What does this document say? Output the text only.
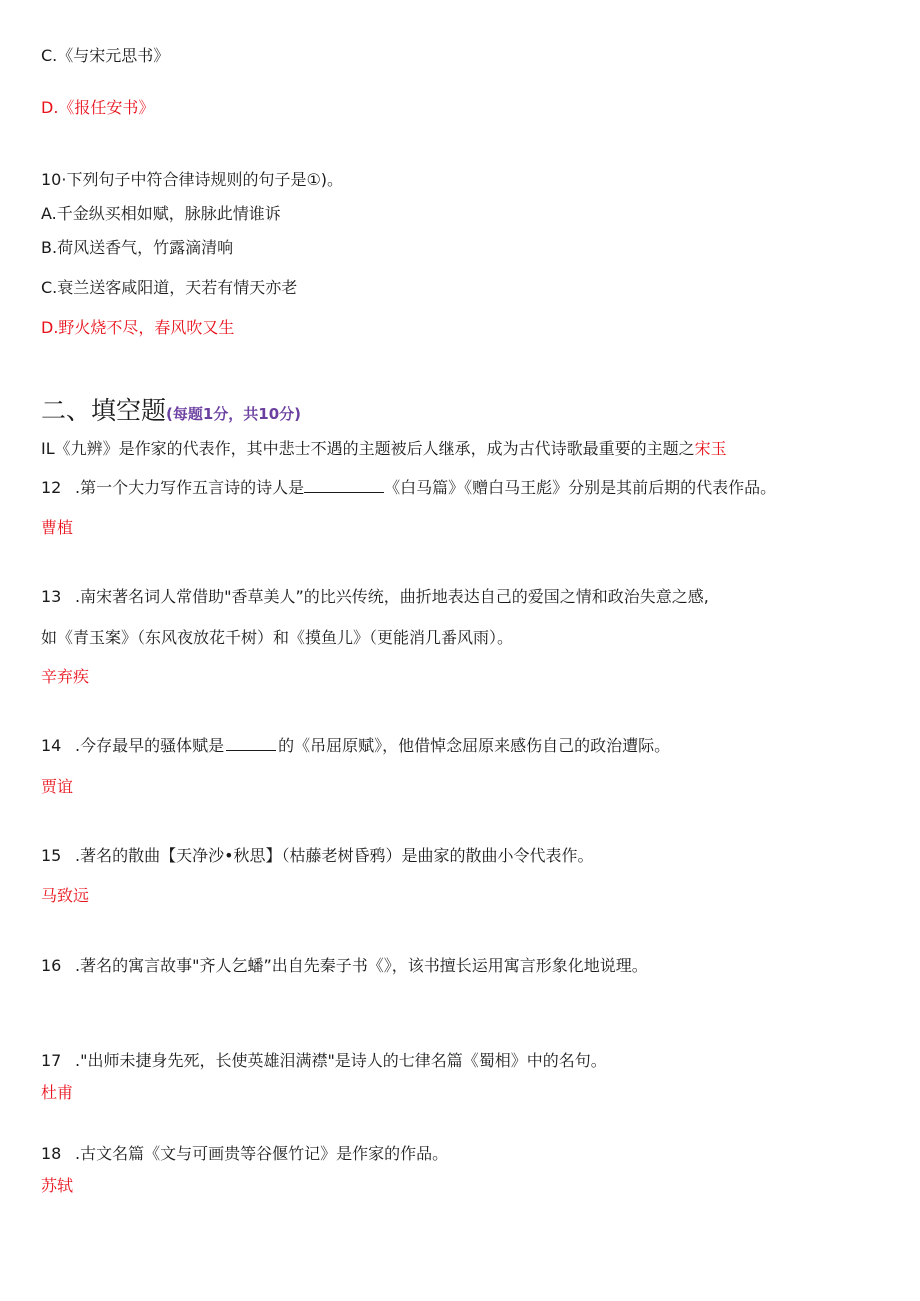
C.《与宋元思书》
D.《报任安书》
10·下列句子中符合律诗规则的句子是①)。
A.千金纵买相如赋，脉脉此情谁诉
B.荷风送香气，竹露滴清响
C.衰兰送客咸阳道，天若有情天亦老
D.野火烧不尽，春风吹又生
二、填空题(每题1分，共10分)
IL《九辨》是作家的代表作，其中悲士不遇的主题被后人继承，成为古代诗歌最重要的主题之宋玉
12 .第一个大力写作五言诗的诗人是	《白马篇》《赠白马王彪》分别是其前后期的代表作品。
曹植
13 .南宋著名词人常借助"香草美人”的比兴传统，曲折地表达自己的爱国之情和政治失意之感,
如《青玉案》（东风夜放花千树）和《摸鱼儿》（更能消几番风雨）。
辛弃疾
14 .今存最早的骚体赋是	的《吊屈原赋》，他借悼念屈原来感伤自己的政治遭际。
贾谊
15 .著名的散曲【天净沙•秋思】（枯藤老树昏鸦）是曲家的散曲小令代表作。
马致远
16 .著名的寓言故事"齐人乞蟠”出自先秦子书《》，该书擅长运用寓言形象化地说理。
17 ."出师未捷身先死，长使英雄泪满襟"是诗人的七律名篇《蜀相》中的名句。
杜甫
18 .古文名篇《文与可画贵等谷偃竹记》是作家的作品。
苏轼
